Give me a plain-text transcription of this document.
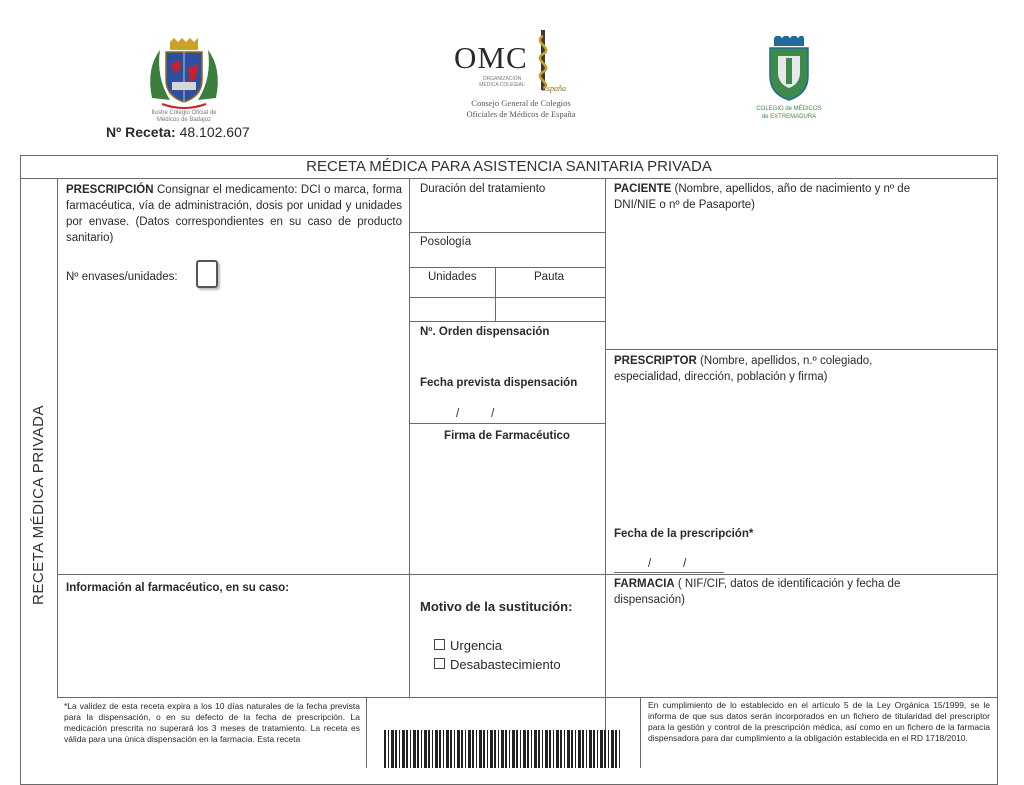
Ilustre Colegio Oficial de Médicos de Badajoz
Nº Receta: 48.102.607
OMC
ORGANIZACIÓN MÉDICA COLEGIAL	España
Consejo General de Colegios
Oficiales de Médicos de España	COLEGIO de MÉDICOS
de EXTREMADURA
RECETA MÉDICA PARA ASISTENCIA SANITARIA PRIVADA
RECETA MÉDICA PRIVADA
PRESCRIPCIÓN Consignar el medicamento: DCI o marca, forma farmacéutica, vía de administración, dosis por unidad y unidades por envase. (Datos correspondientes en su caso de producto sanitario)
Nº envases/unidades:
Duración del tratamiento
Posología
Unidades	Pauta
Nº. Orden dispensación
Fecha prevista dispensación
/          /
Firma de Farmacéutico
PACIENTE (Nombre, apellidos, año de nacimiento y nº de DNI/NIE o nº de Pasaporte)
PRESCRIPTOR (Nombre, apellidos, n.º colegiado, especialidad, dirección, población y firma)
Fecha de la prescripción*
/          /
Información al farmacéutico, en su caso:
Motivo de la sustitución:
Urgencia
Desabastecimiento
FARMACIA ( NIF/CIF, datos de identificación y fecha de dispensación)
*La validez de esta receta expira a los 10 días naturales de la fecha prevista para la dispensación, o en su defecto de la fecha de prescripción. La medicación prescrita no superará los 3 meses de tratamiento. La receta es válida para una única dispensación en la farmacia. Esta receta
En cumplimiento de lo establecido en el artículo 5 de la Ley Orgánica 15/1999, se le informa de que sus datos serán incorporados en un fichero de titularidad del prescriptor para la gestión y control de la prescripción médica, así como en un fichero de la farmacia dispensadora para dar cumplimiento a la obligación establecida en el RD 1718/2010.
